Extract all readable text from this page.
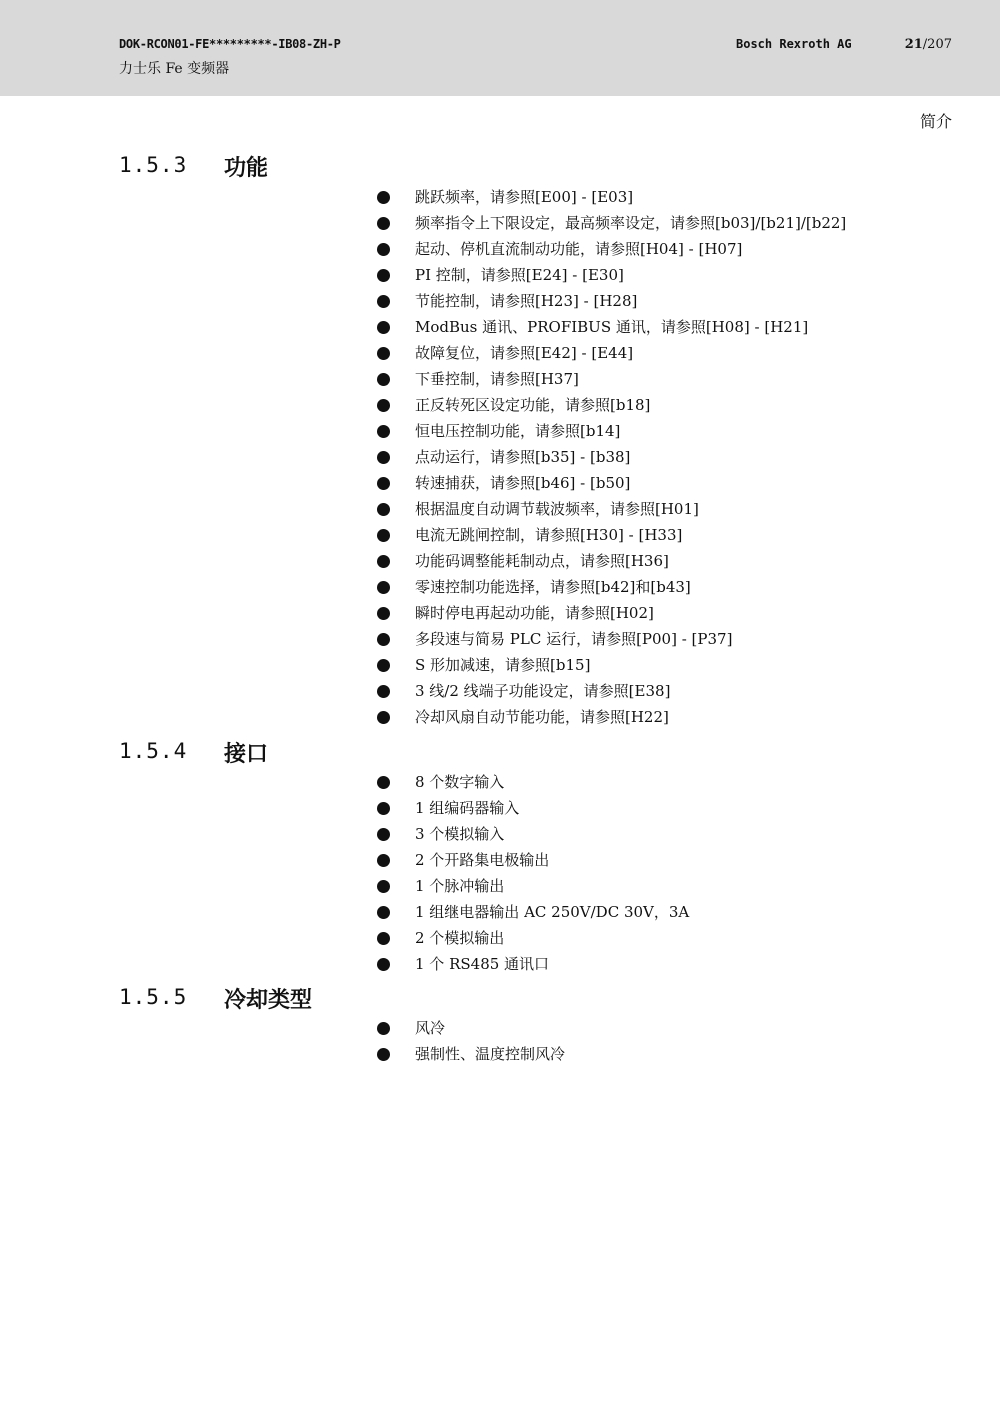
DOK-RCON01-FE*********-IB08-ZH-P
力士乐 Fe 变频器
Bosch Rexroth AG	21/207
简介
1.5.3 功能
跳跃频率，请参照[E00] - [E03]
频率指令上下限设定，最高频率设定，请参照[b03]/[b21]/[b22]
起动、停机直流制动功能，请参照[H04] - [H07]
PI 控制，请参照[E24] - [E30]
节能控制，请参照[H23] - [H28]
ModBus 通讯、PROFIBUS 通讯，请参照[H08] - [H21]
故障复位，请参照[E42] - [E44]
下垂控制，请参照[H37]
正反转死区设定功能，请参照[b18]
恒电压控制功能，请参照[b14]
点动运行，请参照[b35] - [b38]
转速捕获，请参照[b46] - [b50]
根据温度自动调节载波频率，请参照[H01]
电流无跳闸控制，请参照[H30] - [H33]
功能码调整能耗制动点，请参照[H36]
零速控制功能选择，请参照[b42]和[b43]
瞬时停电再起动功能，请参照[H02]
多段速与简易 PLC 运行，请参照[P00] - [P37]
S 形加减速，请参照[b15]
3 线/2 线端子功能设定，请参照[E38]
冷却风扇自动节能功能，请参照[H22]
1.5.4 接口
8 个数字输入
1 组编码器输入
3 个模拟输入
2 个开路集电极输出
1 个脉冲输出
1 组继电器输出 AC 250V/DC 30V，3A
2 个模拟输出
1 个 RS485 通讯口
1.5.5 冷却类型
风冷
强制性、温度控制风冷
